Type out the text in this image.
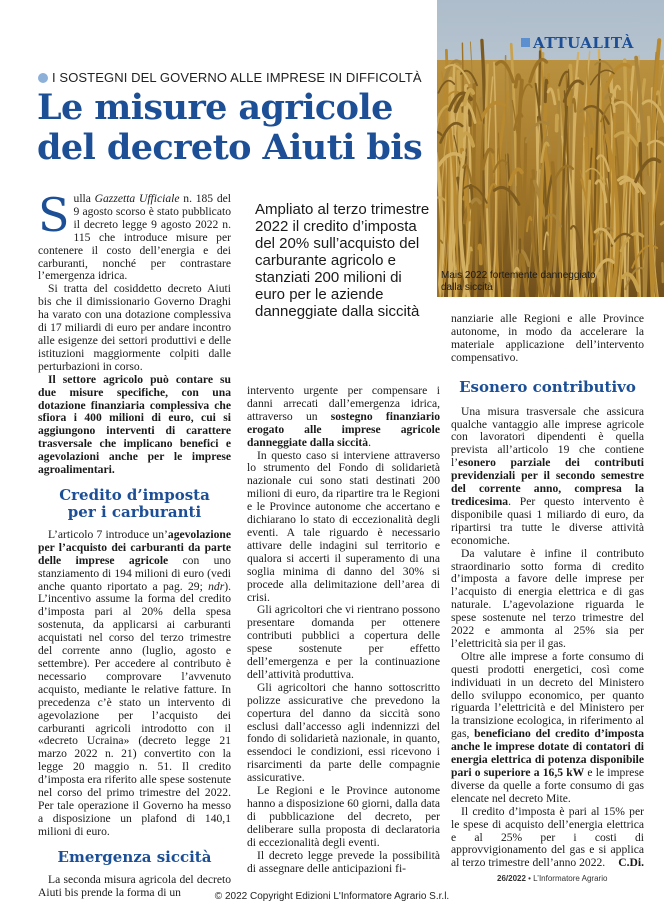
ATTUALITÀ
Mais 2022 fortemente danneggiato
dalla siccità
I SOSTEGNI DEL GOVERNO ALLE IMPRESE IN DIFFICOLTÀ
Le misure agricole
del decreto Aiuti bis
Ampliato al terzo trimestre 2022 il credito d’imposta del 20% sull’acquisto del carburante agricolo e stanziati 200 milioni di euro per le aziende danneggiate dalla siccità

Sulla Gazzetta Ufficiale n. 185 del 9 agosto scorso è stato pubblicato il decreto legge 9 agosto 2022 n. 115 che introduce misure per contenere il costo dell’energia e dei carburanti, nonché per contrastare l’emergenza idrica.

Si tratta del cosiddetto decreto Aiuti bis che il dimissionario Governo Draghi ha varato con una dotazione complessiva di 17 miliardi di euro per andare incontro alle esigenze dei settori produttivi e delle istituzioni maggiormente colpiti dalle perturbazioni in corso.

Il settore agricolo può contare su due misure specifiche, con una dotazione finanziaria complessiva che sfiora i 400 milioni di euro, cui si aggiungono interventi di carattere trasversale che implicano benefici e agevolazioni anche per le imprese agroalimentari.

Credito d’imposta
per i carburanti

L’articolo 7 introduce un’agevolazione per l’acquisto dei carburanti da parte delle imprese agricole con uno stanziamento di 194 milioni di euro (vedi anche quanto riportato a pag. 29; ndr). L’incentivo assume la forma del credito d’imposta pari al 20% della spesa sostenuta, da applicarsi ai carburanti acquistati nel corso del terzo trimestre del corrente anno (luglio, agosto e settembre). Per accedere al contributo è necessario comprovare l’avvenuto acquisto, mediante le relative fatture. In precedenza c’è stato un intervento di agevolazione per l’acquisto dei carburanti agricoli introdotto con il «decreto Ucraina» (decreto legge 21 marzo 2022 n. 21) convertito con la legge 20 maggio n. 51. Il credito d’imposta era riferito alle spese sostenute nel corso del primo trimestre del 2022. Per tale operazione il Governo ha messo a disposizione un plafond di 140,1 milioni di euro.

Emergenza siccità

La seconda misura agricola del decreto Aiuti bis prende la forma di un

intervento urgente per compensare i danni arrecati dall’emergenza idrica, attraverso un sostegno finanziario erogato alle imprese agricole danneggiate dalla siccità.

In questo caso si interviene attraverso lo strumento del Fondo di solidarietà nazionale cui sono stati destinati 200 milioni di euro, da ripartire tra le Regioni e le Province autonome che accertano e dichiarano lo stato di eccezionalità degli eventi. A tale riguardo è necessario attivare delle indagini sul territorio e qualora si accerti il superamento di una soglia minima di danno del 30% si procede alla delimitazione dell’area di crisi.

Gli agricoltori che vi rientrano possono presentare domanda per ottenere contributi pubblici a copertura delle spese sostenute per effetto dell’emergenza e per la continuazione dell’attività produttiva.

Gli agricoltori che hanno sottoscritto polizze assicurative che prevedono la copertura del danno da siccità sono esclusi dall’accesso agli indennizzi del fondo di solidarietà nazionale, in quanto, essendoci le condizioni, essi ricevono i risarcimenti da parte delle compagnie assicurative.

Le Regioni e le Province autonome hanno a disposizione 60 giorni, dalla data di pubblicazione del decreto, per deliberare sulla proposta di declaratoria di eccezionalità degli eventi.

Il decreto legge prevede la possibilità di assegnare delle anticipazioni fi-

nanziarie alle Regioni e alle Province autonome, in modo da accelerare la materiale applicazione dell’intervento compensativo.

Esonero contributivo

Una misura trasversale che assicura qualche vantaggio alle imprese agricole con lavoratori dipendenti è quella prevista all’articolo 19 che contiene l’esonero parziale dei contributi previdenziali per il secondo semestre del corrente anno, compresa la tredicesima. Per questo intervento è disponibile quasi 1 miliardo di euro, da ripartirsi tra tutte le diverse attività economiche.

Da valutare è infine il contributo straordinario sotto forma di credito d’imposta a favore delle imprese per l’acquisto di energia elettrica e di gas naturale. L’agevolazione riguarda le spese sostenute nel terzo trimestre del 2022 e ammonta al 25% sia per l’elettricità sia per il gas.

Oltre alle imprese a forte consumo di questi prodotti energetici, così come individuati in un decreto del Ministero dello sviluppo economico, per quanto riguarda l’elettricità e del Ministero per la transizione ecologica, in riferimento al gas, beneficiano del credito d’imposta anche le imprese dotate di contatori di energia elettrica di potenza disponibile pari o superiore a 16,5 kW e le imprese diverse da quelle a forte consumo di gas elencate nel decreto Mite.

Il credito d’imposta è pari al 15% per le spese di acquisto dell’energia elettrica e al 25% per i costi di approvvigionamento del gas e si applica al terzo trimestre dell’anno 2022.	C.Di.

26/2022 • L’Informatore Agrario
© 2022 Copyright Edizioni L'Informatore Agrario S.r.l.
